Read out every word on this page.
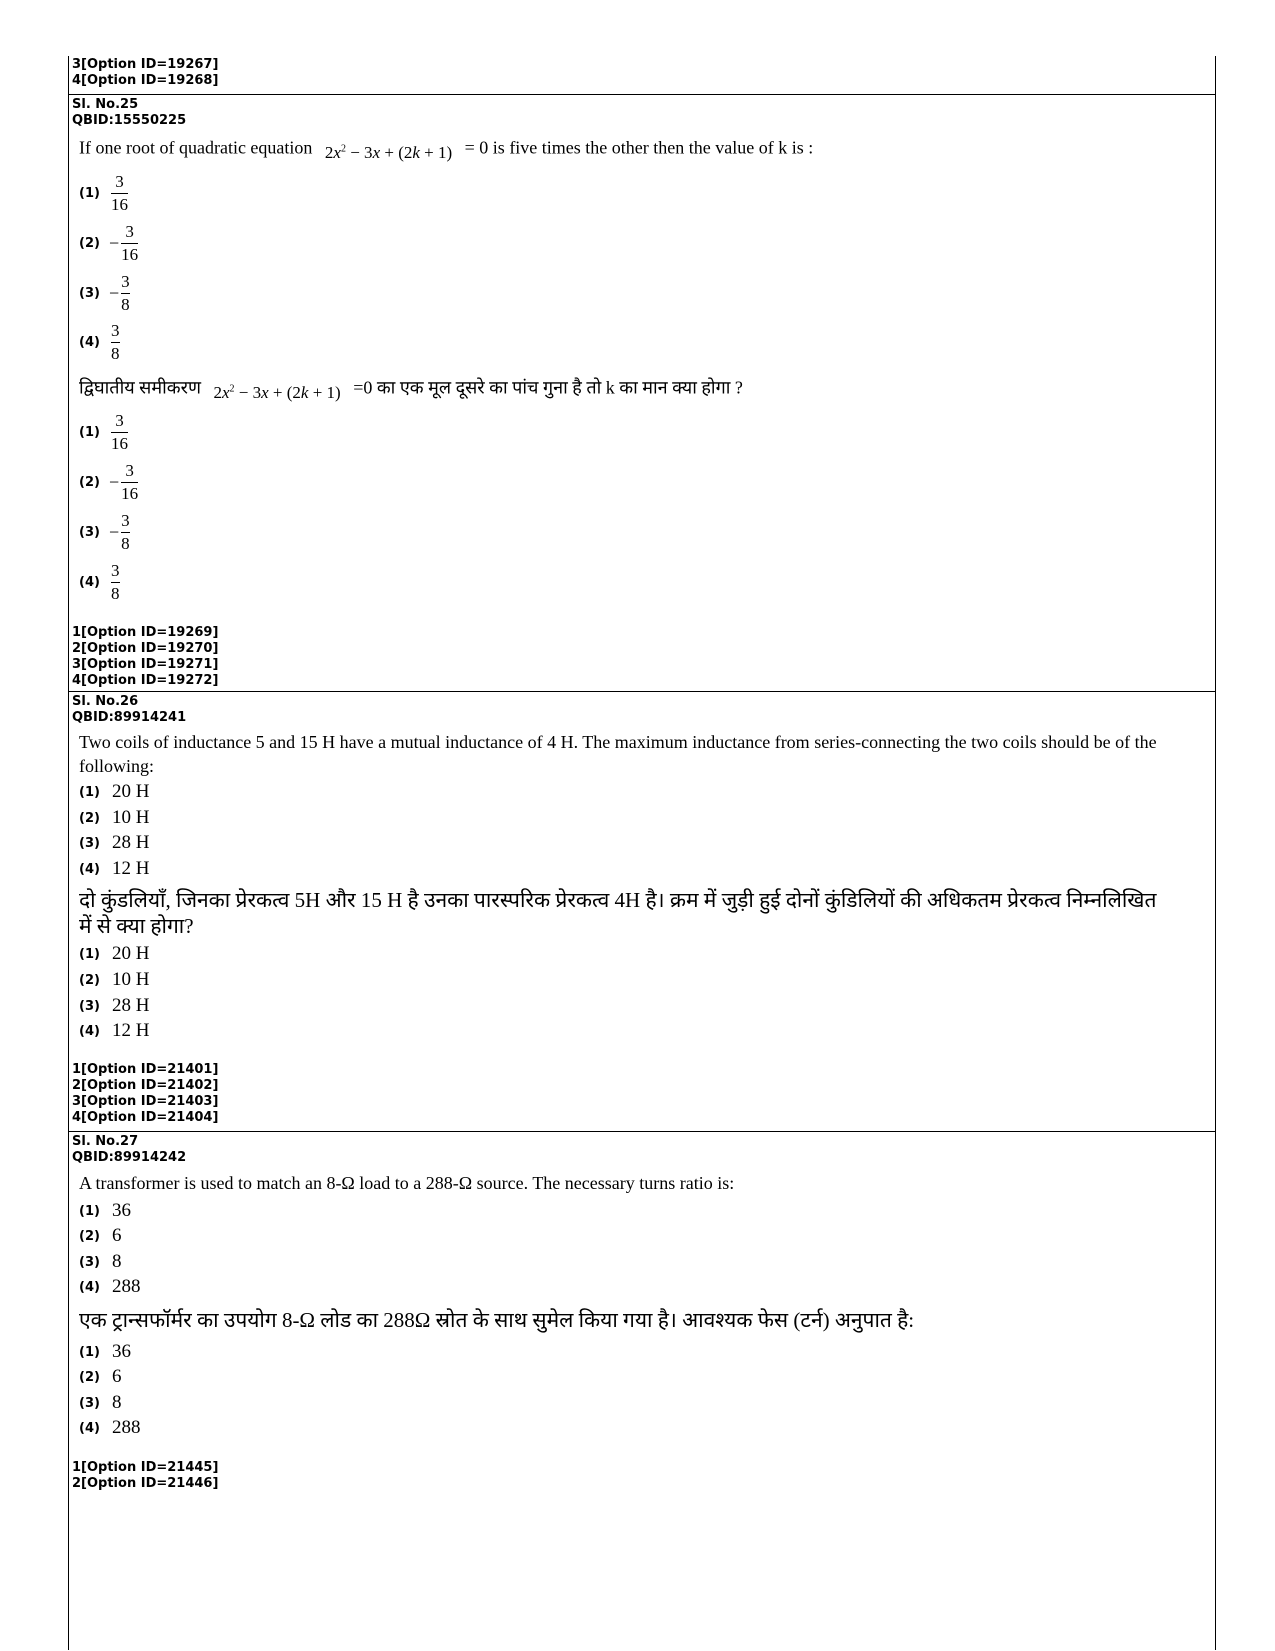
3[Option ID=19267]
4[Option ID=19268]
Sl. No.25
QBID:15550225
If one root of quadratic equation $2x^2 - 3x + (2k + 1) = 0$ is five times the other then the value of k is :
$(1) \frac{3}{16}$
$(2) - \frac{3}{16}$
$(3) - \frac{3}{8}$
$(4) \frac{3}{8}$
द्विघातीय समीकरण $2x^2 - 3x + (2k + 1) =0$ का एक मूल दूसरे का पांच गुना है तो k का मान क्या होगा ?
$(1) \frac{3}{16}$
$(2) - \frac{3}{16}$
$(3) - \frac{3}{8}$
$(4) \frac{3}{8}$
1[Option ID=19269]
2[Option ID=19270]
3[Option ID=19271]
4[Option ID=19272]
Sl. No.26
QBID:89914241
Two coils of inductance 5 and 15 H have a mutual inductance of 4 H. The maximum inductance from series-connecting the two coils should be of the following:
(1) 20 H
(2) 10 H
(3) 28 H
(4) 12 H
दो कुंडलियाँ, जिनका प्रेरकत्व 5H और 15 H है उनका पारस्परिक प्रेरकत्व 4H है। क्रम में जुड़ी हुई दोनों कुंडिलियों की अधिकतम प्रेरकत्व निम्नलिखित में से क्या होगा?
(1) 20 H
(2) 10 H
(3) 28 H
(4) 12 H
1[Option ID=21401]
2[Option ID=21402]
3[Option ID=21403]
4[Option ID=21404]
Sl. No.27
QBID:89914242
A transformer is used to match an 8-Ω load to a 288-Ω source. The necessary turns ratio is:
(1) 36
(2) 6
(3) 8
(4) 288
एक ट्रान्सफॉर्मर का उपयोग 8-Ω लोड का 288Ω स्रोत के साथ सुमेल किया गया है। आवश्यक फेस (टर्न) अनुपात है:
(1) 36
(2) 6
(3) 8
(4) 288
1[Option ID=21445]
2[Option ID=21446]
